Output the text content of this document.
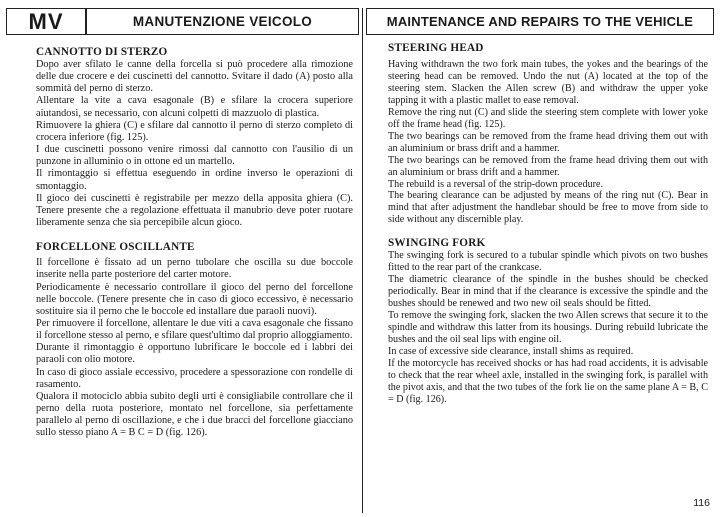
MV	MANUTENZIONE VEICOLO
CANNOTTO DI STERZO

Dopo aver sfilato le canne della forcella si può procedere alla rimozione delle due crocere e dei cuscinetti del cannotto. Svitare il dado (A) posto alla sommità del perno di sterzo.

Allentare la vite a cava esagonale (B) e sfilare la crocera superiore aiutandosi, se necessario, con alcuni colpetti di mazzuolo di plastica.

Rimuovere la ghiera (C) e sfilare dal cannotto il perno di sterzo completo di crocera inferiore (fig. 125).

I due cuscinetti possono venire rimossi dal cannotto con l'ausilio di un punzone in alluminio o in ottone ed un martello.

Il rimontaggio si effettua eseguendo in ordine inverso le operazioni di smontaggio.

Il gioco dei cuscinetti è registrabile per mezzo della apposita ghiera (C). Tenere presente che a regolazione effettuata il manubrio deve poter ruotare liberamente senza che sia percepibile alcun gioco.

FORCELLONE OSCILLANTE

Il forcellone è fissato ad un perno tubolare che oscilla su due boccole inserite nella parte posteriore del carter motore.

Periodicamente è necessario controllare il gioco del perno del forcellone nelle boccole. (Tenere presente che in caso di gioco eccessivo, è necessario sostituire sia il perno che le boccole ed installare due paraoli nuovi).

Per rimuovere il forcellone, allentare le due viti a cava esagonale che fissano il forcellone stesso al perno, e sfilare quest'ultimo dal proprio alloggiamento.

Durante il rimontaggio è opportuno lubrificare le boccole ed i labbri dei paraoli con olio motore.

In caso di gioco assiale eccessivo, procedere a spessorazione con rondelle di rasamento.

Qualora il motociclo abbia subito degli urti è consigliabile controllare che il perno della ruota posteriore, montato nel forcellone, sia perfettamente parallelo al perno di oscillazione, e che i due bracci del forcellone giacciano sullo stesso piano A = B C = D (fig. 126).

MAINTENANCE AND REPAIRS TO THE VEHICLE
STEERING HEAD

Having withdrawn the two fork main tubes, the yokes and the bearings of the steering head can be removed. Undo the nut (A) located at the top of the steering stem. Slacken the Allen screw (B) and withdraw the upper yoke tapping it with a plastic mallet to ease removal.

Remove the ring nut (C) and slide the steering stem complete with lower yoke off the frame head (fig. 125).

The two bearings can be removed from the frame head driving them out with an aluminium or brass drift and a hammer.

The two bearings can be removed from the frame head driving them out with an aluminium or brass drift and a hammer.

The rebuild is a reversal of the strip-down procedure.

The bearing clearance can be adjusted by means of the ring nut (C). Bear in mind that after adjustment the handlebar should be free to move from side to side without any discernible play.

SWINGING FORK

The swinging fork is secured to a tubular spindle which pivots on two bushes fitted to the rear part of the crankcase.

The diametric clearance of the spindle in the bushes should be checked periodically. Bear in mind that if the clearance is excessive the spindle and the bushes should be renewed and two new oil seals should be fitted.

To remove the swinging fork, slacken the two Allen screws that secure it to the spindle and withdraw this latter from its housings. During rebuild lubricate the bushes and the oil seal lips with engine oil.

In case of excessive side clearance, install shims as required.

If the motorcycle has received shocks or has had road accidents, it is advisable to check that the rear wheel axle, installed in the swinging fork, is parallel with the pivot axis, and that the two tubes of the fork lie on the same plane A = B, C = D (fig. 126).

116
